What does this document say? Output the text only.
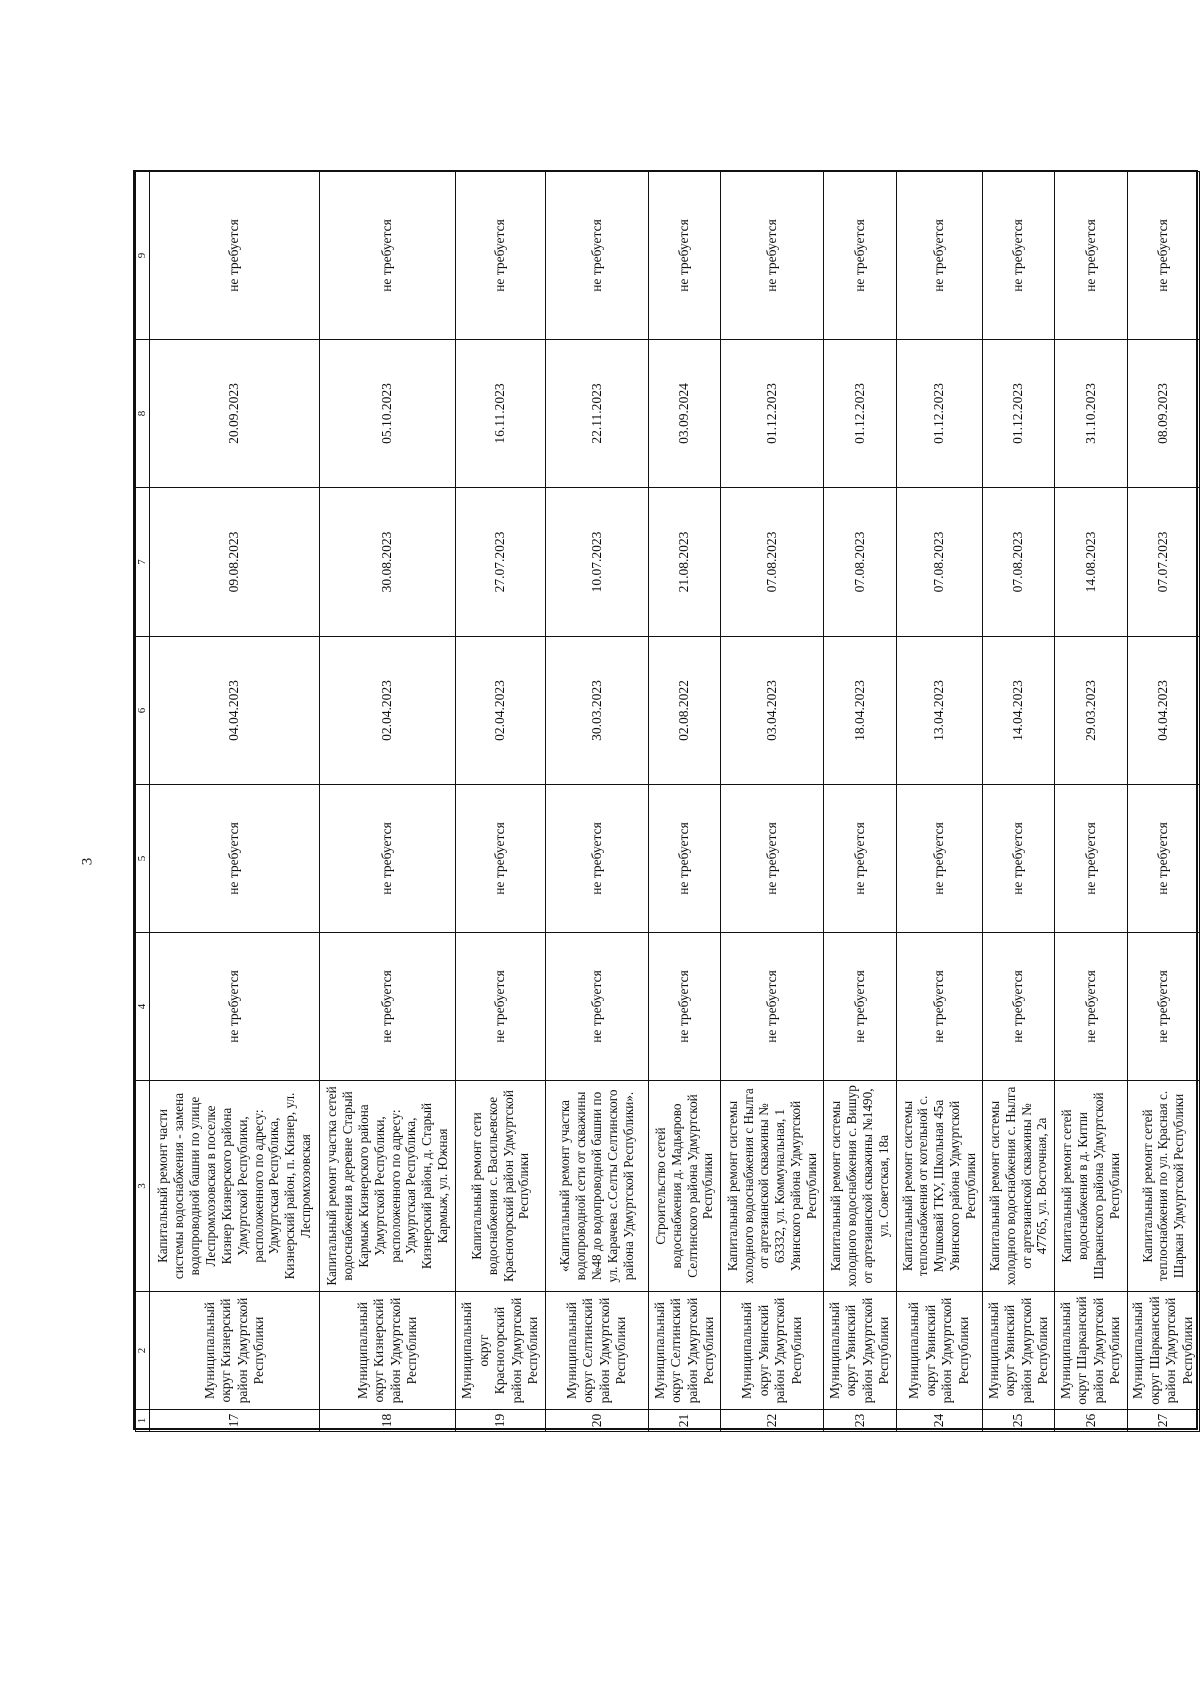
3
1	2	3	4	5	6	7	8	9
17	Муниципальный округ Кизнерский район Удмуртской Республики	Капитальный ремонт части системы водоснабжения - замена водопроводной башни по улице Леспромхозовская в поселке Кизнер Кизнерского района Удмуртской Республики, расположенного по адресу: Удмуртская Республика, Кизнерский район, п. Кизнер, ул. Леспромхозовская	не требуется	не требуется	04.04.2023	09.08.2023	20.09.2023	не требуется
18	Муниципальный округ Кизнерский район Удмуртской Республики	Капитальный ремонт участка сетей водоснабжения в деревне Старый Кармыж Кизнерского района Удмуртской Республики, расположенного по адресу: Удмуртская Республика, Кизнерский район, д. Старый Кармыж, ул. Южная	не требуется	не требуется	02.04.2023	30.08.2023	05.10.2023	не требуется
19	Муниципальный округ Красногорский район Удмуртской Республики	Капитальный ремонт сети водоснабжения с. Васильевское Красногорский район Удмуртской Республики	не требуется	не требуется	02.04.2023	27.07.2023	16.11.2023	не требуется
20	Муниципальный округ Селтинский район Удмуртской Республики	«Капитальный ремонт участка водопроводной сети от скважины №48 до водопроводной башни по ул. Карачева с.Селты Селтинского района Удмуртской Республики».	не требуется	не требуется	30.03.2023	10.07.2023	22.11.2023	не требуется
21	Муниципальный округ Селтинский район Удмуртской Республики	Строительство сетей водоснабжения д. Мадьярово Селтинского района Удмуртской Республики	не требуется	не требуется	02.08.2022	21.08.2023	03.09.2024	не требуется
22	Муниципальный округ Увинский район Удмуртской Республики	Капитальный ремонт системы холодного водоснабжения с Нылга от артезианской скважины № 63332, ул. Коммунальная, 1 Увинского района Удмуртской Республики	не требуется	не требуется	03.04.2023	07.08.2023	01.12.2023	не требуется
23	Муниципальный округ Увинский район Удмуртской Республики	Капитальный ремонт системы холодного водоснабжения с. Вишур от артезианской скважины №1490, ул. Советская, 18а	не требуется	не требуется	18.04.2023	07.08.2023	01.12.2023	не требуется
24	Муниципальный округ Увинский район Удмуртской Республики	Капитальный ремонт системы теплоснабжения от котельной с. Мушковай ТКУ, Школьная 45а Увинского района Удмуртской Республики	не требуется	не требуется	13.04.2023	07.08.2023	01.12.2023	не требуется
25	Муниципальный округ Увинский район Удмуртской Республики	Капитальный ремонт системы холодного водоснабжения с. Нылга от артезианской скважины № 47765, ул. Восточная, 2а	не требуется	не требуется	14.04.2023	07.08.2023	01.12.2023	не требуется
26	Муниципальный округ Шарканский район Удмуртской Республики	Капитальный ремонт сетей водоснабжения в д. Китпи Шарканского района Удмуртской Республики	не требуется	не требуется	29.03.2023	14.08.2023	31.10.2023	не требуется
27	Муниципальный округ Шарканский район Удмуртской Республики	Капитальный ремонт сетей теплоснабжения по ул. Красная с. Шаркан Удмуртской Республики	не требуется	не требуется	04.04.2023	07.07.2023	08.09.2023	не требуется
